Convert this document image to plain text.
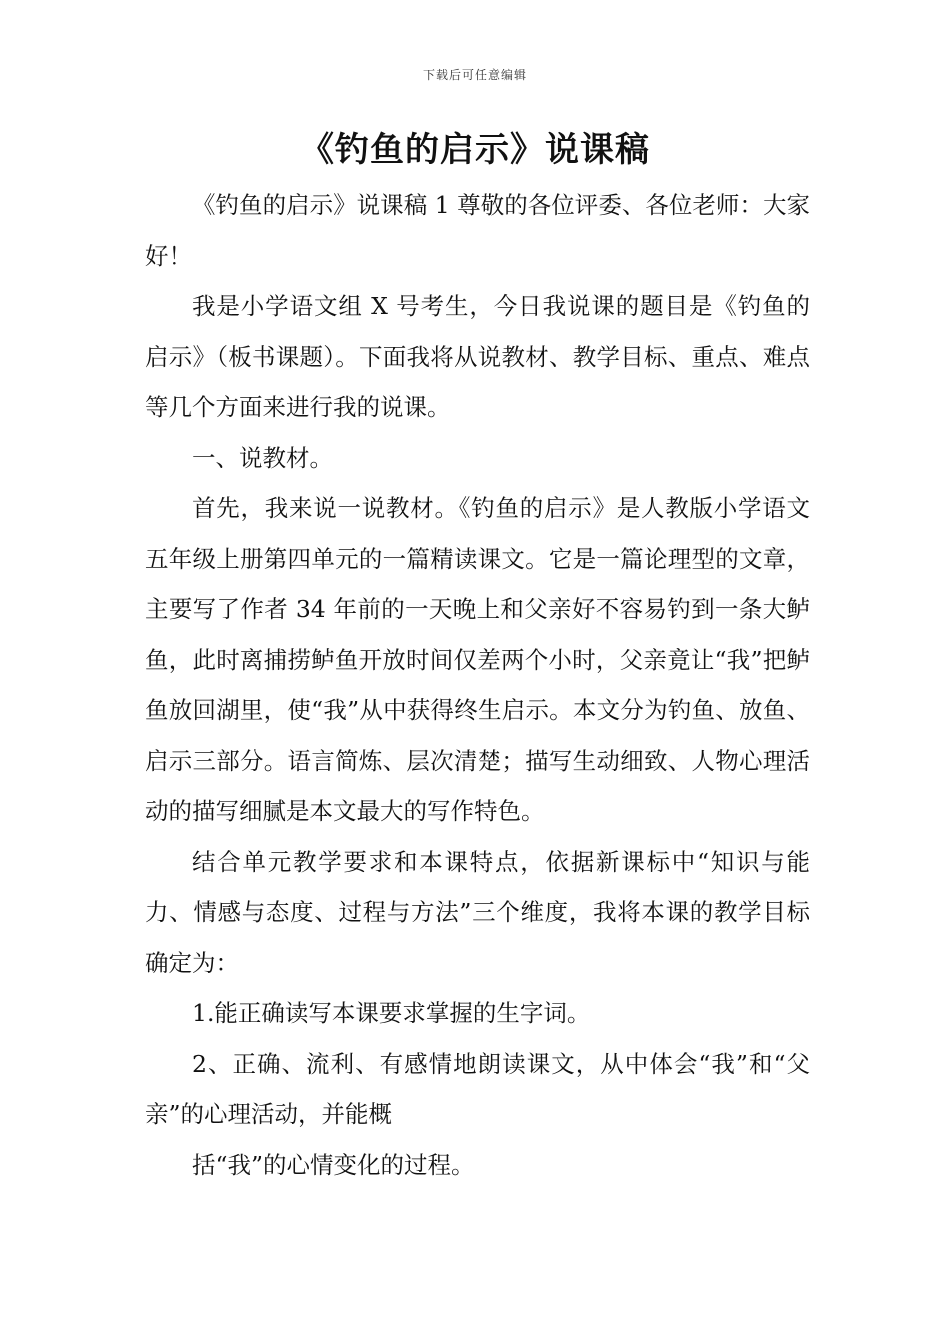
下载后可任意编辑
《钓鱼的启示》说课稿

《钓鱼的启示》说课稿 1 尊敬的各位评委、各位老师：大家好！

我是小学语文组 X 号考生，今日我说课的题目是《钓鱼的启示》（板书课题）。下面我将从说教材、教学目标、重点、难点等几个方面来进行我的说课。

一、说教材。

首先，我来说一说教材。《钓鱼的启示》是人教版小学语文五年级上册第四单元的一篇精读课文。它是一篇论理型的文章，主要写了作者 34 年前的一天晚上和父亲好不容易钓到一条大鲈鱼，此时离捕捞鲈鱼开放时间仅差两个小时，父亲竟让“我”把鲈鱼放回湖里，使“我”从中获得终生启示。本文分为钓鱼、放鱼、启示三部分。语言简炼、层次清楚；描写生动细致、人物心理活动的描写细腻是本文最大的写作特色。

结合单元教学要求和本课特点，依据新课标中“知识与能力、情感与态度、过程与方法”三个维度，我将本课的教学目标确定为：

1.能正确读写本课要求掌握的生字词。

2、正确、流利、有感情地朗读课文，从中体会“我”和“父亲”的心理活动，并能概

括“我”的心情变化的过程。
